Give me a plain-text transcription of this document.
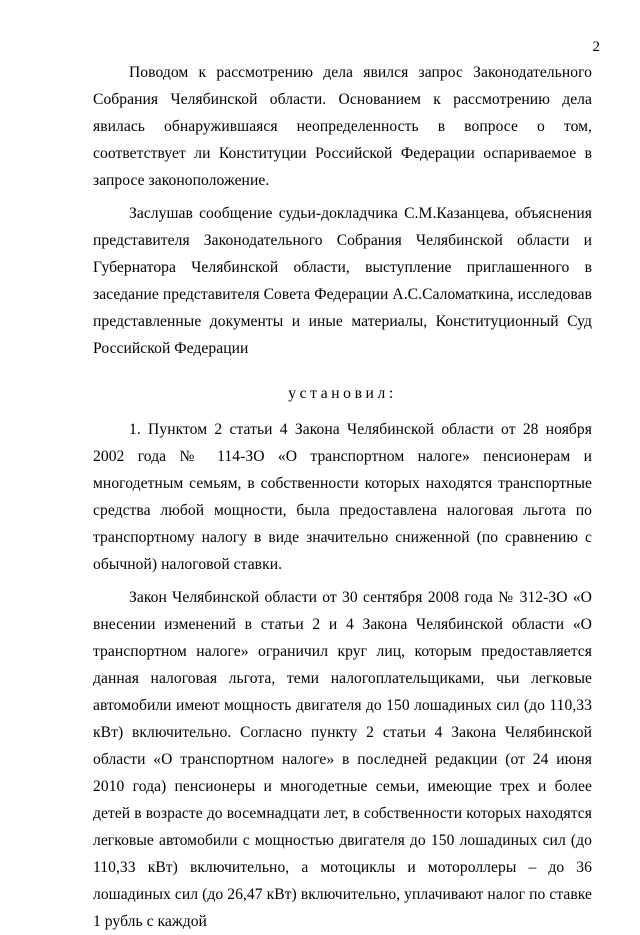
2

Поводом к рассмотрению дела явился запрос Законодательного Собрания Челябинской области. Основанием к рассмотрению дела явилась обнаружившаяся неопределенность в вопросе о том, соответствует ли Конституции Российской Федерации оспариваемое в запросе законоположение.

Заслушав сообщение судьи-докладчика С.М.Казанцева, объяснения представителя Законодательного Собрания Челябинской области и Губернатора Челябинской области, выступление приглашенного в заседание представителя Совета Федерации А.С.Саломаткина, исследовав представленные документы и иные материалы, Конституционный Суд Российской Федерации

установил:

1. Пунктом 2 статьи 4 Закона Челябинской области от 28 ноября 2002 года № 114-ЗО «О транспортном налоге» пенсионерам и многодетным семьям, в собственности которых находятся транспортные средства любой мощности, была предоставлена налоговая льгота по транспортному налогу в виде значительно сниженной (по сравнению с обычной) налоговой ставки.

Закон Челябинской области от 30 сентября 2008 года № 312-ЗО «О внесении изменений в статьи 2 и 4 Закона Челябинской области «О транспортном налоге» ограничил круг лиц, которым предоставляется данная налоговая льгота, теми налогоплательщиками, чьи легковые автомобили имеют мощность двигателя до 150 лошадиных сил (до 110,33 кВт) включительно. Согласно пункту 2 статьи 4 Закона Челябинской области «О транспортном налоге» в последней редакции (от 24 июня 2010 года) пенсионеры и многодетные семьи, имеющие трех и более детей в возрасте до восемнадцати лет, в собственности которых находятся легковые автомобили с мощностью двигателя до 150 лошадиных сил (до 110,33 кВт) включительно, а мотоциклы и мотороллеры – до 36 лошадиных сил (до 26,47 кВт) включительно, уплачивают налог по ставке 1 рубль с каждой
